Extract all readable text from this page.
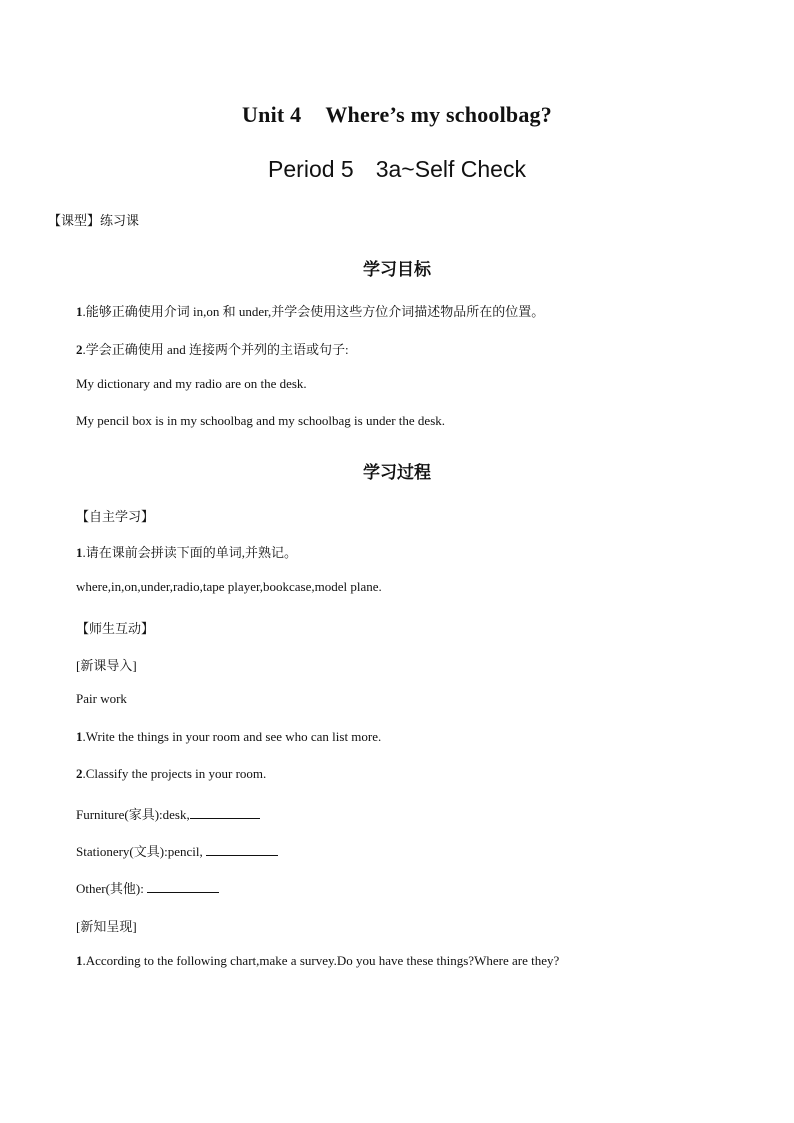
Unit 4 Where’s my schoolbag?
Period 5 3a~Self Check
【课型】练习课
学习目标
1.能够正确使用介词 in,on 和 under,并学会使用这些方位介词描述物品所在的位置。
2.学会正确使用 and 连接两个并列的主语或句子:
My dictionary and my radio are on the desk.
My pencil box is in my schoolbag and my schoolbag is under the desk.
学习过程
【自主学习】
1.请在课前会拼读下面的单词,并熟记。
where,in,on,under,radio,tape player,bookcase,model plane.
【师生互动】
[新课导入]
Pair work
1.Write the things in your room and see who can list more.
2.Classify the projects in your room.
Furniture(家具):desk,
Stationery(文具):pencil,
Other(其他):
[新知呈现]
1.According to the following chart,make a survey.Do you have these things?Where are they?
